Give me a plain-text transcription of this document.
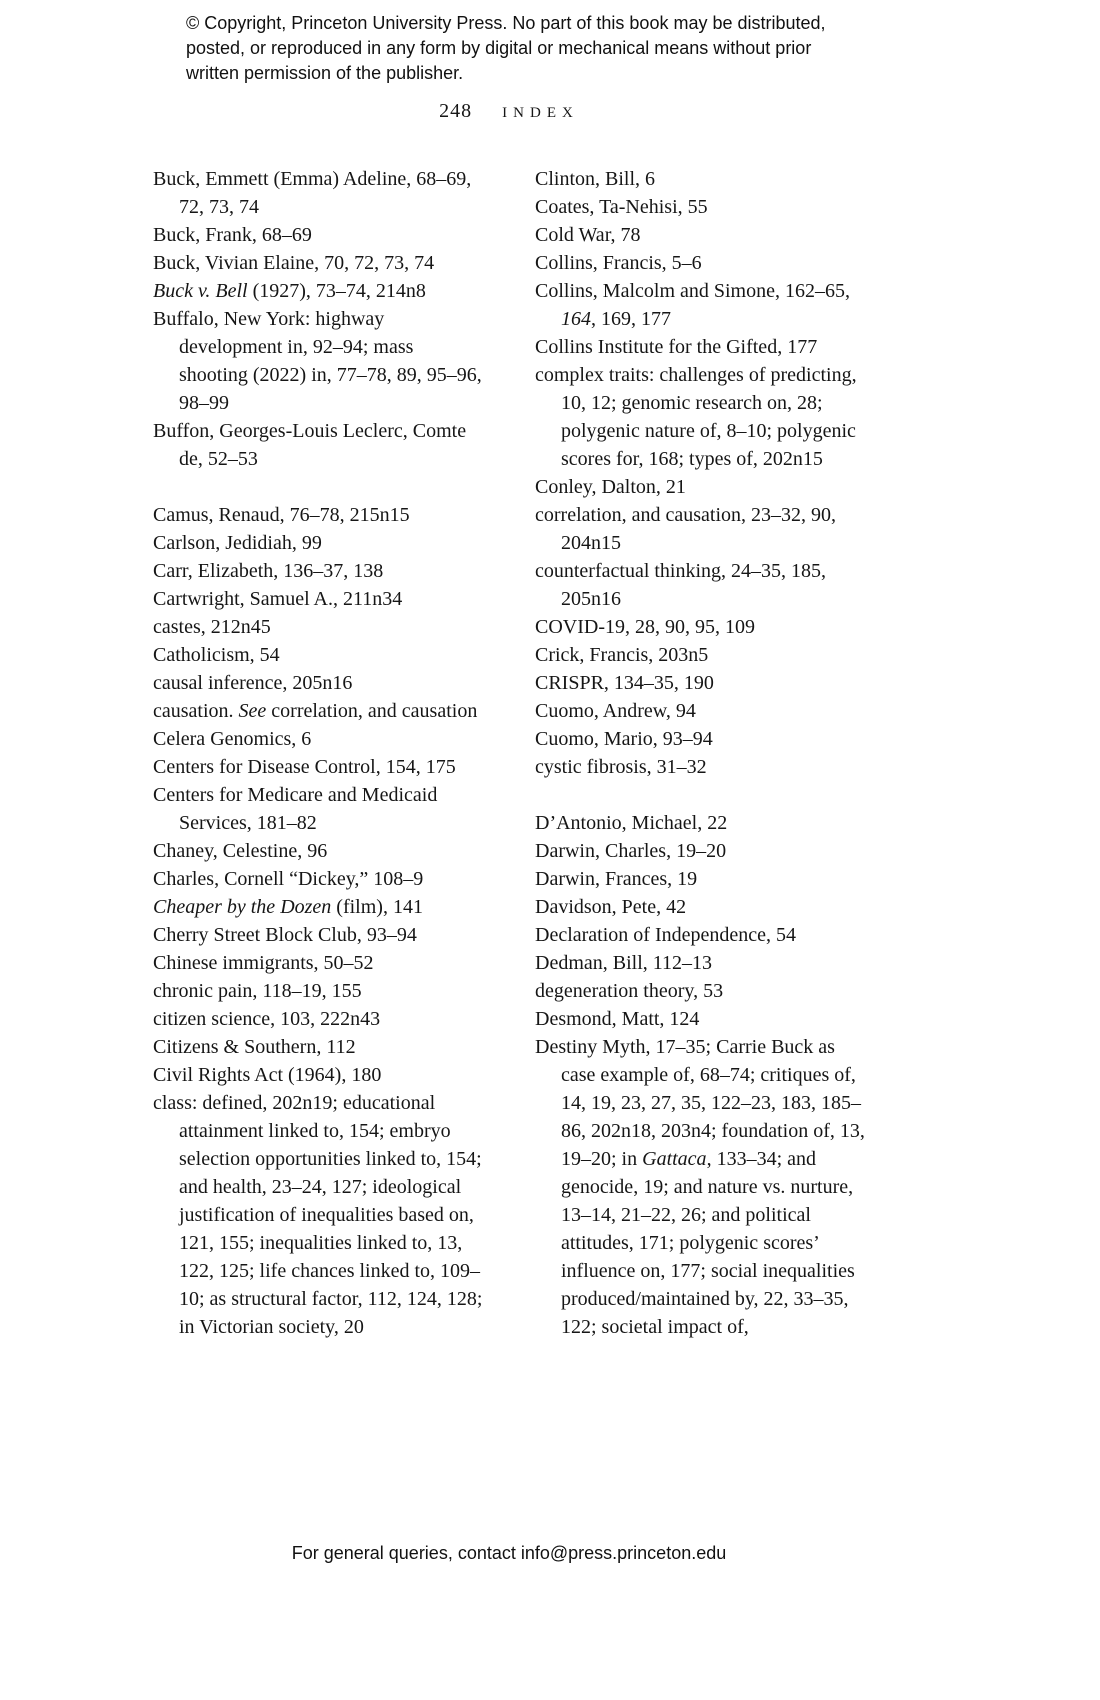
© Copyright, Princeton University Press. No part of this book may be distributed, posted, or reproduced in any form by digital or mechanical means without prior written permission of the publisher.
248 INDEX
Buck, Emmett (Emma) Adeline, 68–69, 72, 73, 74
Buck, Frank, 68–69
Buck, Vivian Elaine, 70, 72, 73, 74
Buck v. Bell (1927), 73–74, 214n8
Buffalo, New York: highway development in, 92–94; mass shooting (2022) in, 77–78, 89, 95–96, 98–99
Buffon, Georges-Louis Leclerc, Comte de, 52–53
Camus, Renaud, 76–78, 215n15
Carlson, Jedidiah, 99
Carr, Elizabeth, 136–37, 138
Cartwright, Samuel A., 211n34
castes, 212n45
Catholicism, 54
causal inference, 205n16
causation. See correlation, and causation
Celera Genomics, 6
Centers for Disease Control, 154, 175
Centers for Medicare and Medicaid Services, 181–82
Chaney, Celestine, 96
Charles, Cornell “Dickey,” 108–9
Cheaper by the Dozen (film), 141
Cherry Street Block Club, 93–94
Chinese immigrants, 50–52
chronic pain, 118–19, 155
citizen science, 103, 222n43
Citizens & Southern, 112
Civil Rights Act (1964), 180
class: defined, 202n19; educational attainment linked to, 154; embryo selection opportunities linked to, 154; and health, 23–24, 127; ideological justification of inequalities based on, 121, 155; inequalities linked to, 13, 122, 125; life chances linked to, 109–10; as structural factor, 112, 124, 128; in Victorian society, 20
Clinton, Bill, 6
Coates, Ta-Nehisi, 55
Cold War, 78
Collins, Francis, 5–6
Collins, Malcolm and Simone, 162–65, 164, 169, 177
Collins Institute for the Gifted, 177
complex traits: challenges of predicting, 10, 12; genomic research on, 28; polygenic nature of, 8–10; polygenic scores for, 168; types of, 202n15
Conley, Dalton, 21
correlation, and causation, 23–32, 90, 204n15
counterfactual thinking, 24–35, 185, 205n16
COVID-19, 28, 90, 95, 109
Crick, Francis, 203n5
CRISPR, 134–35, 190
Cuomo, Andrew, 94
Cuomo, Mario, 93–94
cystic fibrosis, 31–32
D’Antonio, Michael, 22
Darwin, Charles, 19–20
Darwin, Frances, 19
Davidson, Pete, 42
Declaration of Independence, 54
Dedman, Bill, 112–13
degeneration theory, 53
Desmond, Matt, 124
Destiny Myth, 17–35; Carrie Buck as case example of, 68–74; critiques of, 14, 19, 23, 27, 35, 122–23, 183, 185–86, 202n18, 203n4; foundation of, 13, 19–20; in Gattaca, 133–34; and genocide, 19; and nature vs. nurture, 13–14, 21–22, 26; and political attitudes, 171; polygenic scores’ influence on, 177; social inequalities produced/maintained by, 22, 33–35, 122; societal impact of,
For general queries, contact info@press.princeton.edu
